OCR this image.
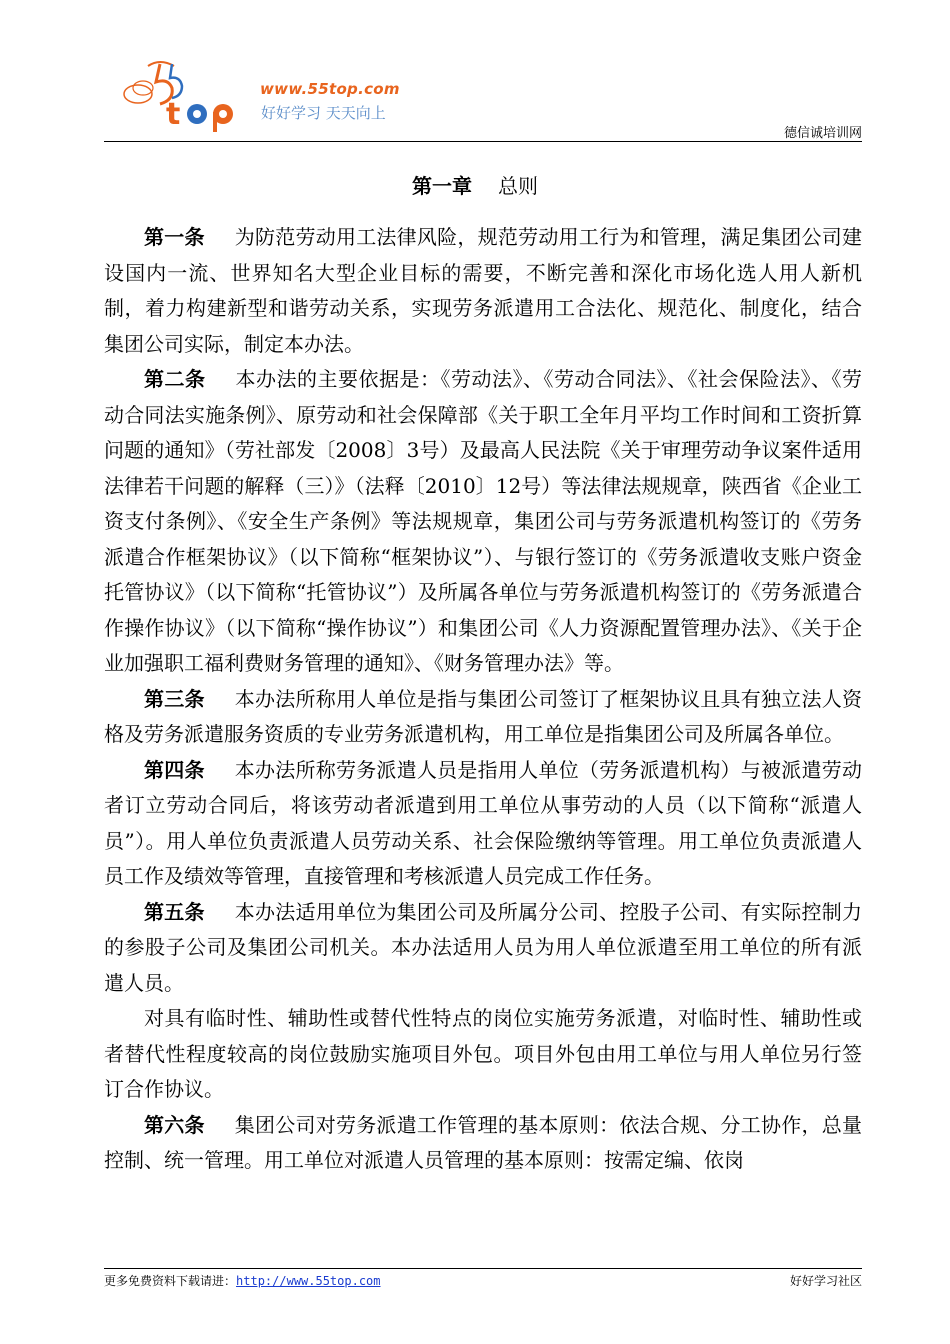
t
www.55top.com
好好学习 天天向上
德信诚培训网
第一章 总则

第一条 为防范劳动用工法律风险，规范劳动用工行为和管理，满足集团公司建设国内一流、世界知名大型企业目标的需要，不断完善和深化市场化选人用人新机制，着力构建新型和谐劳动关系，实现劳务派遣用工合法化、规范化、制度化，结合集团公司实际，制定本办法。

第二条 本办法的主要依据是：《劳动法》、《劳动合同法》、《社会保险法》、《劳动合同法实施条例》、原劳动和社会保障部《关于职工全年月平均工作时间和工资折算问题的通知》（劳社部发〔2008〕3号）及最高人民法院《关于审理劳动争议案件适用法律若干问题的解释（三）》（法释〔2010〕12号）等法律法规规章，陕西省《企业工资支付条例》、《安全生产条例》等法规规章，集团公司与劳务派遣机构签订的《劳务派遣合作框架协议》（以下简称“框架协议”）、与银行签订的《劳务派遣收支账户资金托管协议》（以下简称“托管协议”）及所属各单位与劳务派遣机构签订的《劳务派遣合作操作协议》（以下简称“操作协议”）和集团公司《人力资源配置管理办法》、《关于企业加强职工福利费财务管理的通知》、《财务管理办法》等。

第三条 本办法所称用人单位是指与集团公司签订了框架协议且具有独立法人资格及劳务派遣服务资质的专业劳务派遣机构，用工单位是指集团公司及所属各单位。

第四条 本办法所称劳务派遣人员是指用人单位（劳务派遣机构）与被派遣劳动者订立劳动合同后，将该劳动者派遣到用工单位从事劳动的人员（以下简称“派遣人员”）。用人单位负责派遣人员劳动关系、社会保险缴纳等管理。用工单位负责派遣人员工作及绩效等管理，直接管理和考核派遣人员完成工作任务。

第五条 本办法适用单位为集团公司及所属分公司、控股子公司、有实际控制力的参股子公司及集团公司机关。本办法适用人员为用人单位派遣至用工单位的所有派遣人员。

对具有临时性、辅助性或替代性特点的岗位实施劳务派遣，对临时性、辅助性或者替代性程度较高的岗位鼓励实施项目外包。项目外包由用工单位与用人单位另行签订合作协议。

第六条 集团公司对劳务派遣工作管理的基本原则：依法合规、分工协作，总量控制、统一管理。用工单位对派遣人员管理的基本原则：按需定编、依岗

更多免费资料下载请进：http://www.55top.com	好好学习社区
